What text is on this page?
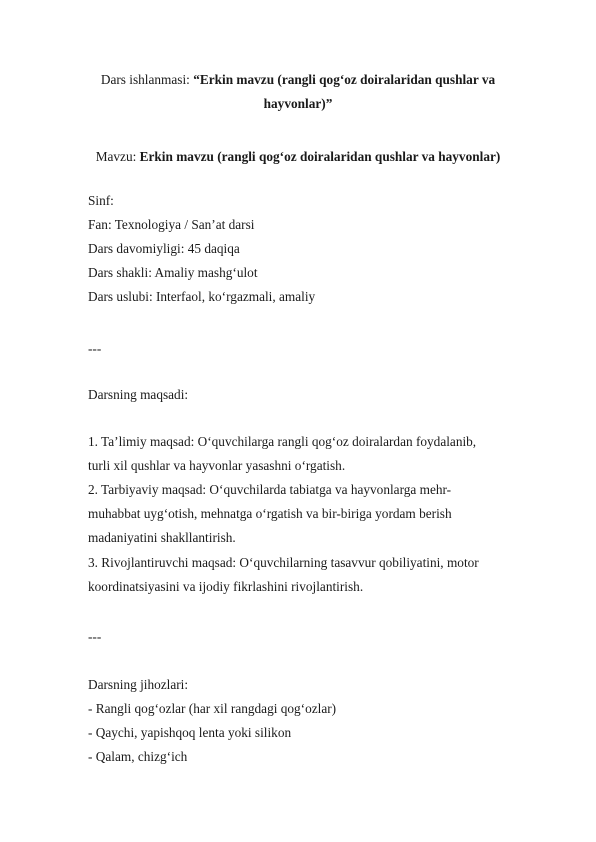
Dars ishlanmasi: “Erkin mavzu (rangli qog‘oz doiralaridan qushlar va hayvonlar)”
Mavzu: Erkin mavzu (rangli qog‘oz doiralaridan qushlar va hayvonlar)
Sinf:
Fan: Texnologiya / San’at darsi
Dars davomiyligi: 45 daqiqa
Dars shakli: Amaliy mashg‘ulot
Dars uslubi: Interfaol, ko‘rgazmali, amaliy
---
Darsning maqsadi:
1. Ta’limiy maqsad: O‘quvchilarga rangli qog‘oz doiralardan foydalanib,
turli xil qushlar va hayvonlar yasashni o‘rgatish.
2. Tarbiyaviy maqsad: O‘quvchilarda tabiatga va hayvonlarga mehr-
muhabbat uyg‘otish, mehnatga o‘rgatish va bir-biriga yordam berish
madaniyatini shakllantirish.
3. Rivojlantiruvchi maqsad: O‘quvchilarning tasavvur qobiliyatini, motor
koordinatsiyasini va ijodiy fikrlashini rivojlantirish.
---
Darsning jihozlari:
- Rangli qog‘ozlar (har xil rangdagi qog‘ozlar)
- Qaychi, yapishqoq lenta yoki silikon
- Qalam, chizg‘ich
